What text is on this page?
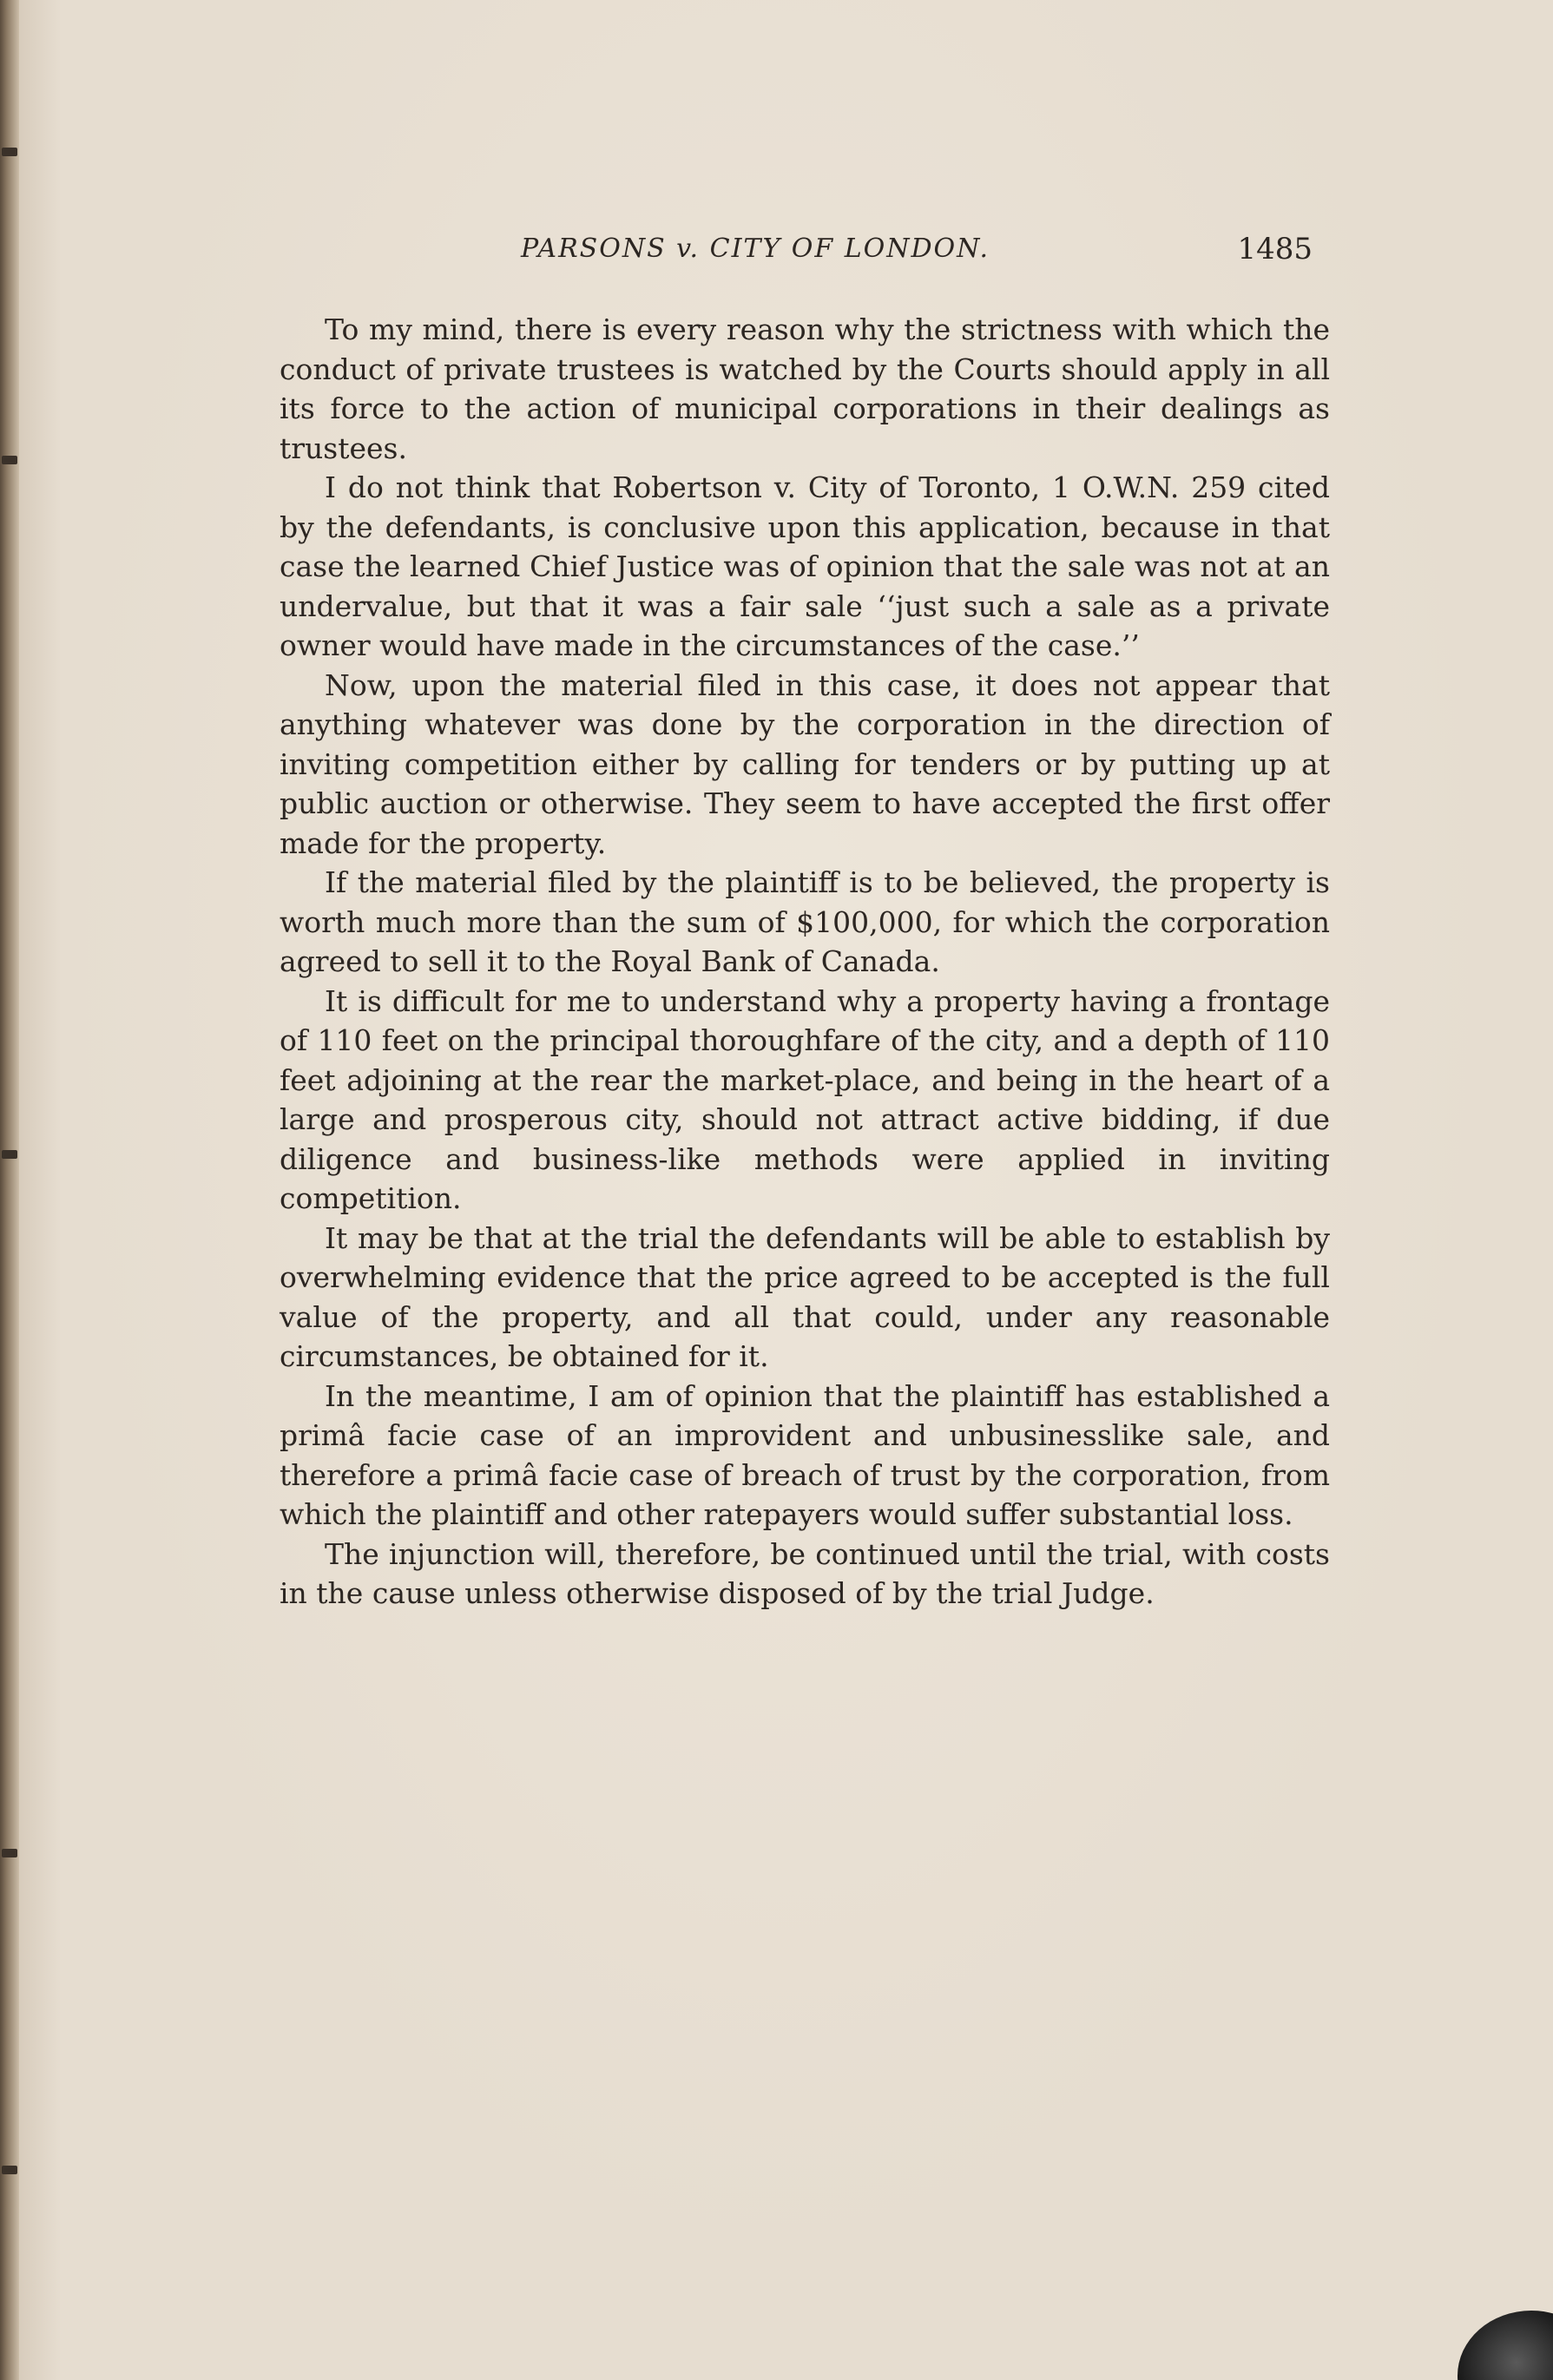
PARSONS v. CITY OF LONDON.	1485

To my mind, there is every reason why the strictness with which the conduct of private trustees is watched by the Courts should apply in all its force to the action of municipal corporations in their dealings as trustees.

I do not think that Robertson v. City of Toronto, 1 O.W.N. 259 cited by the defendants, is conclusive upon this application, because in that case the learned Chief Justice was of opinion that the sale was not at an undervalue, but that it was a fair sale ‘‘just such a sale as a private owner would have made in the circumstances of the case.’’

Now, upon the material filed in this case, it does not appear that anything whatever was done by the corporation in the direction of inviting competition either by calling for tenders or by putting up at public auction or otherwise. They seem to have accepted the first offer made for the property.

If the material filed by the plaintiff is to be believed, the property is worth much more than the sum of $100,000, for which the corporation agreed to sell it to the Royal Bank of Canada.

It is difficult for me to understand why a property having a frontage of 110 feet on the principal thoroughfare of the city, and a depth of 110 feet adjoining at the rear the market-place, and being in the heart of a large and prosperous city, should not attract active bidding, if due diligence and business-like methods were applied in inviting competition.

It may be that at the trial the defendants will be able to establish by overwhelming evidence that the price agreed to be accepted is the full value of the property, and all that could, under any reasonable circumstances, be obtained for it.

In the meantime, I am of opinion that the plaintiff has established a primâ facie case of an improvident and unbusinesslike sale, and therefore a primâ facie case of breach of trust by the corporation, from which the plaintiff and other ratepayers would suffer substantial loss.

The injunction will, therefore, be continued until the trial, with costs in the cause unless otherwise disposed of by the trial Judge.
